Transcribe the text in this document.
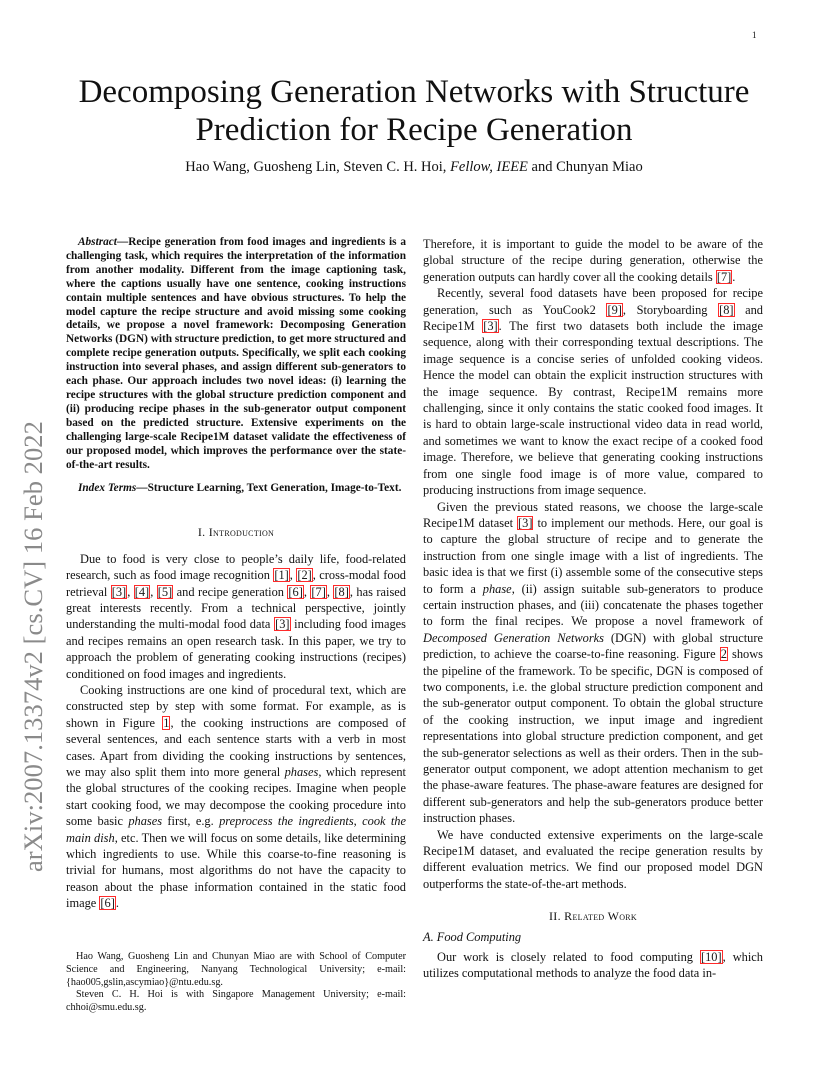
1
arXiv:2007.13374v2 [cs.CV] 16 Feb 2022
Decomposing Generation Networks with Structure
Prediction for Recipe Generation
Hao Wang, Guosheng Lin, Steven C. H. Hoi, Fellow, IEEE and Chunyan Miao

Abstract—Recipe generation from food images and ingredients is a challenging task, which requires the interpretation of the information from another modality. Different from the image captioning task, where the captions usually have one sentence, cooking instructions contain multiple sentences and have obvious structures. To help the model capture the recipe structure and avoid missing some cooking details, we propose a novel framework: Decomposing Generation Networks (DGN) with structure prediction, to get more structured and complete recipe generation outputs. Specifically, we split each cooking instruction into several phases, and assign different sub-generators to each phase. Our approach includes two novel ideas: (i) learning the recipe structures with the global structure prediction component and (ii) producing recipe phases in the sub-generator output component based on the predicted structure. Extensive experiments on the challenging large-scale Recipe1M dataset validate the effectiveness of our proposed model, which improves the performance over the state-of-the-art results.

Index Terms—Structure Learning, Text Generation, Image-to-Text.

I. Introduction

Due to food is very close to people’s daily life, food-related research, such as food image recognition [1], [2], cross-modal food retrieval [3], [4], [5] and recipe generation [6], [7], [8], has raised great interests recently. From a technical perspective, jointly understanding the multi-modal food data [3] including food images and recipes remains an open research task. In this paper, we try to approach the problem of generating cooking instructions (recipes) conditioned on food images and ingredients.

Cooking instructions are one kind of procedural text, which are constructed step by step with some format. For example, as is shown in Figure 1, the cooking instructions are composed of several sentences, and each sentence starts with a verb in most cases. Apart from dividing the cooking instructions by sentences, we may also split them into more general phases, which represent the global structures of the cooking recipes. Imagine when people start cooking food, we may decompose the cooking procedure into some basic phases first, e.g. preprocess the ingredients, cook the main dish, etc. Then we will focus on some details, like determining which ingredients to use. While this coarse-to-fine reasoning is trivial for humans, most algorithms do not have the capacity to reason about the phase information contained in the static food image [6].

Hao Wang, Guosheng Lin and Chunyan Miao are with School of Computer Science and Engineering, Nanyang Technological University; e-mail: {hao005,gslin,ascymiao}@ntu.edu.sg.

Steven C. H. Hoi is with Singapore Management University; e-mail: chhoi@smu.edu.sg.

Therefore, it is important to guide the model to be aware of the global structure of the recipe during generation, otherwise the generation outputs can hardly cover all the cooking details [7].

Recently, several food datasets have been proposed for recipe generation, such as YouCook2 [9], Storyboarding [8] and Recipe1M [3]. The first two datasets both include the image sequence, along with their corresponding textual descriptions. The image sequence is a concise series of unfolded cooking videos. Hence the model can obtain the explicit instruction structures with the image sequence. By contrast, Recipe1M remains more challenging, since it only contains the static cooked food images. It is hard to obtain large-scale instructional video data in read world, and sometimes we want to know the exact recipe of a cooked food image. Therefore, we believe that generating cooking instructions from one single food image is of more value, compared to producing instructions from image sequence.

Given the previous stated reasons, we choose the large-scale Recipe1M dataset [3] to implement our methods. Here, our goal is to capture the global structure of recipe and to generate the instruction from one single image with a list of ingredients. The basic idea is that we first (i) assemble some of the consecutive steps to form a phase, (ii) assign suitable sub-generators to produce certain instruction phases, and (iii) concatenate the phases together to form the final recipes. We propose a novel framework of Decomposed Generation Networks (DGN) with global structure prediction, to achieve the coarse-to-fine reasoning. Figure 2 shows the pipeline of the framework. To be specific, DGN is composed of two components, i.e. the global structure prediction component and the sub-generator output component. To obtain the global structure of the cooking instruction, we input image and ingredient representations into global structure prediction component, and get the sub-generator selections as well as their orders. Then in the sub-generator output component, we adopt attention mechanism to get the phase-aware features. The phase-aware features are designed for different sub-generators and help the sub-generators produce better instruction phases.

We have conducted extensive experiments on the large-scale Recipe1M dataset, and evaluated the recipe generation results by different evaluation metrics. We find our proposed model DGN outperforms the state-of-the-art methods.

II. Related Work
A. Food Computing

Our work is closely related to food computing [10], which utilizes computational methods to analyze the food data in-
